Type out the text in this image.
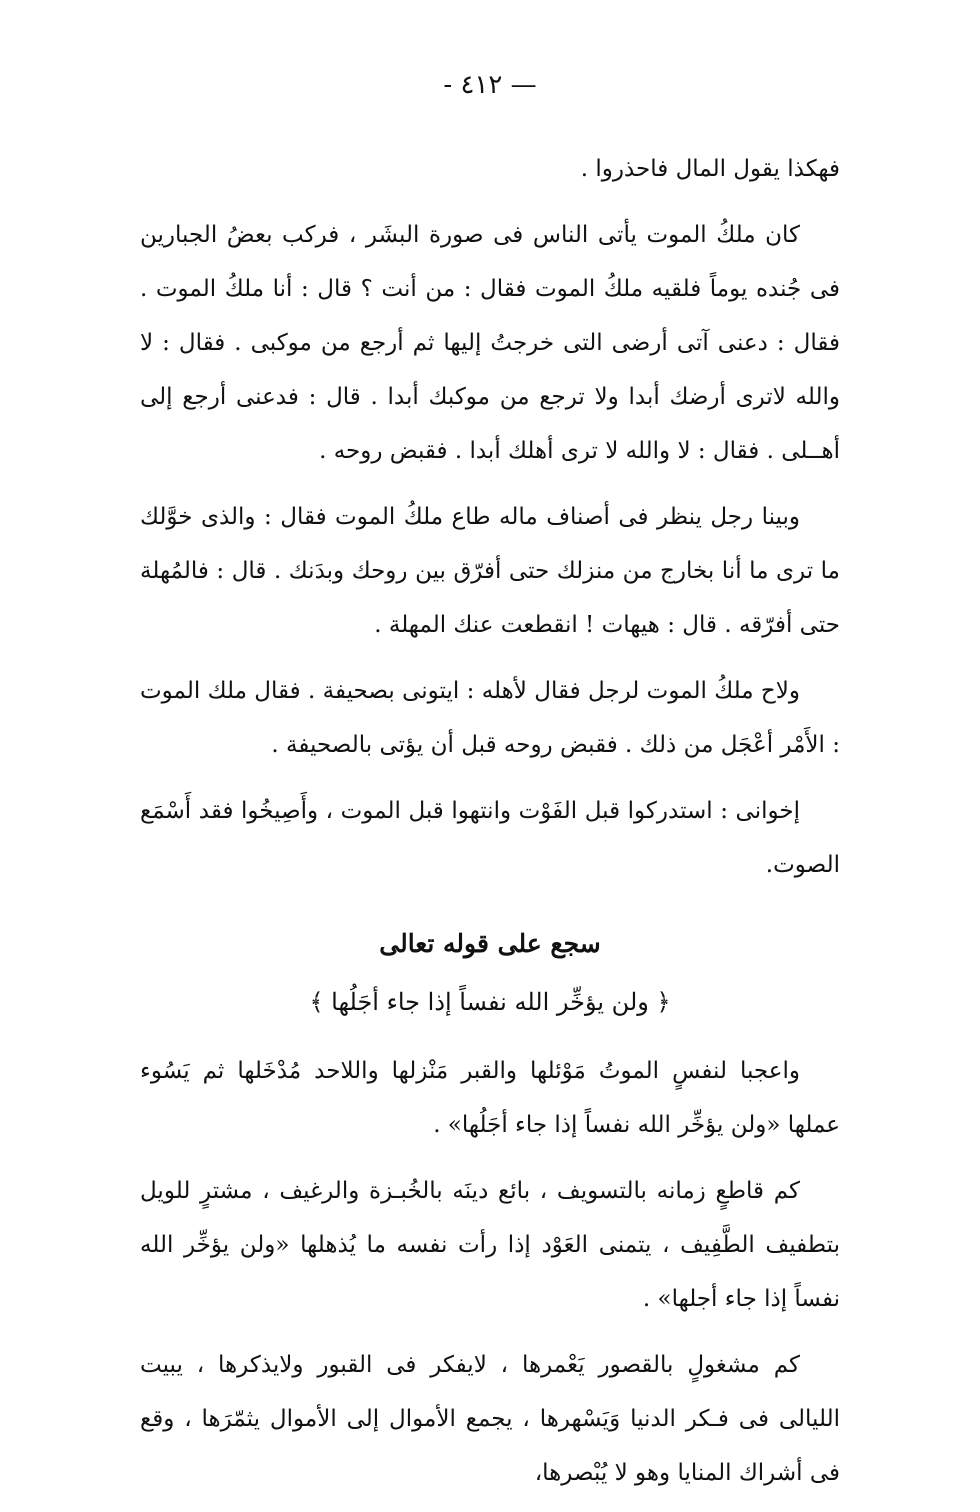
— ٤١٢ -

فهكذا يقول المال فاحذروا .

كان ملكُ الموت يأتى الناس فى صورة البشَر ، فركب بعضُ الجبارين فى جُنده يوماً فلقيه ملكُ الموت فقال : من أنت ؟ قال : أنا ملكُ الموت . فقال : دعنى آتى أرضى التى خرجتُ إليها ثم أرجع من موكبى . فقال : لا والله لاترى أرضك أبدا ولا ترجع من موكبك أبدا . قال : فدعنى أرجع إلى أهــلى . فقال : لا والله لا ترى أهلك أبدا . فقبض روحه .

وبينا رجل ينظر فى أصناف ماله طاع ملكُ الموت فقال : والذى خوَّلك ما ترى ما أنا بخارج من منزلك حتى أفرّق بين روحك وبدَنك . قال : فالمُهلة حتى أفرّقه . قال : هيهات ! انقطعت عنك المهلة .

ولاح ملكُ الموت لرجل فقال لأهله : ايتونى بصحيفة . فقال ملك الموت : الأَمْر أعْجَل من ذلك . فقبض روحه قبل أن يؤتى بالصحيفة .

إخوانى : استدركوا قبل الفَوْت وانتهوا قبل الموت ، وأَصِيخُوا فقد أَسْمَع الصوت.

سجع على قوله تعالى
﴿ ولن يؤخِّر الله نفساً إذا جاء أجَلُها ﴾

واعجبا لنفسٍ الموتُ مَوْئلها والقبر مَنْزلها واللاحد مُدْخَلها ثم يَسُوء عملها «ولن يؤخِّر الله نفساً إذا جاء أجَلُها» .

كم قاطعٍ زمانه بالتسويف ، بائع دينَه بالخُبـزة والرغيف ، مشترٍ للويل بتطفيف الطَّفِيف ، يتمنى العَوْد إذا رأت نفسه ما يُذهلها «ولن يؤخِّر الله نفساً إذا جاء أجلها» .

كم مشغولٍ بالقصور يَعْمرها ، لايفكر فى القبور ولايذكرها ، يبيت الليالى فى فـكر الدنيا وَيَسْهرها ، يجمع الأموال إلى الأموال يثمّرَها ، وقع فى أشراك المنايا وهو لا يُبْصرها،
